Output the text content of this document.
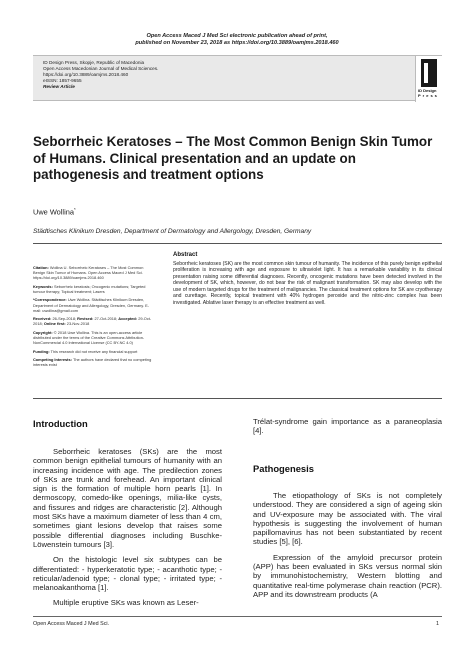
Open Access Maced J Med Sci electronic publication ahead of print,
published on November 23, 2018 as https://doi.org/10.3889/oamjms.2018.460
ID Design Press, Skopje, Republic of Macedonia
Open Access Macedonian Journal of Medical Sciences.
https://doi.org/10.3889/oamjms.2018.460
eISSN: 1857-9655
Review Article
ID Design
Press
Seborrheic Keratoses – The Most Common Benign Skin Tumor of Humans. Clinical presentation and an update on pathogenesis and treatment options
Uwe Wollina*
Städtisches Klinikum Dresden, Department of Dermatology and Allergology, Dresden, Germany

Citation: Wollina U. Seborrheic Keratoses – The Most Common Benign Skin Tumor of Humans. Open Access Maced J Med Sci. https://doi.org/10.3889/oamjms.2018.460

Keywords: Seborrheic keratosis; Oncogenic mutations; Targeted tumour therapy; Topical treatment; Lasers

*Correspondence: Uwe Wollina. Städtisches Klinikum Dresden, Department of Dermatology and Allergology, Dresden, Germany. E-mail: uwollina@gmail.com

Received: 26-Sep-2018; Revised: 27-Oct-2018; Accepted: 29-Oct-2018; Online first: 23-Nov-2018

Copyright: © 2018 Uwe Wollina. This is an open-access article distributed under the terms of the Creative Commons Attribution-NonCommercial 4.0 International License (CC BY-NC 4.0)

Funding: This research did not receive any financial support

Competing Interests: The authors have declared that no competing interests exist

Abstract
Seborrheic keratoses (SK) are the most common skin tumour of humanity. The incidence of this purely benign epithelial proliferation is increasing with age and exposure to ultraviolet light. It has a remarkable variability in its clinical presentation raising some differential diagnoses. Recently, oncogenic mutations have been detected involved in the development of SK, which, however, do not bear the risk of malignant transformation. SK may also develop with the use of modern targeted drugs for the treatment of malignancies. The classical treatment options for SK are cryotherapy and curettage. Recently, topical treatment with 40% hydrogen peroxide and the nitric-zinc complex has been investigated. Ablative laser therapy is an effective treatment as well.
Introduction

Seborrheic keratoses (SKs) are the most common benign epithelial tumours of humanity with an increasing incidence with age. The predilection zones of SKs are trunk and forehead. An important clinical sign is the formation of multiple horn pearls [1]. In dermoscopy, comedo-like openings, milia-like cysts, and fissures and ridges are characteristic [2]. Although most SKs have a maximum diameter of less than 4 cm, sometimes giant lesions develop that raises some possible differential diagnoses including Buschke-Löwenstein tumours [3].

On the histologic level six subtypes can be differentiated: - hyperkeratotic type; - acanthotic type; - reticular/adenoid type; - clonal type; - irritated type; - melanoakanthoma [1].

Multiple eruptive SKs was known as Leser-

Trélat-syndrome gain importance as a paraneoplasia [4].

Pathogenesis

The etiopathology of SKs is not completely understood. They are considered a sign of ageing skin and UV-exposure may be associated with. The viral hypothesis is suggesting the involvement of human papillomavirus has not been substantiated by recent studies [5], [6].

Expression of the amyloid precursor protein (APP) has been evaluated in SKs versus normal skin by immunohistochemistry, Western blotting and quantitative real-time polymerase chain reaction (PCR). APP and its downstream products (A

Open Access Maced J Med Sci.	1
